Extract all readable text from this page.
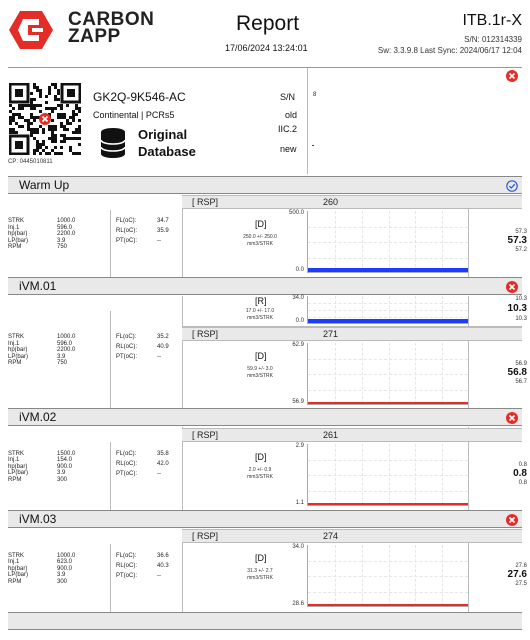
CARBON
ZAPP
Report
17/06/2024 13:24:01
ITB.1r-X
S/N: 012314339
Sw: 3.3.9.8 Last Sync: 2024/06/17 12:04
CP: 0445010811
GK2Q-9K546-AC
Continental | PCRs5
Original
Database
S/N
old
IIC.2
new
8
Warm Up
STRK	1000.0
Inj.1	596.0
hp(bar)	2200.0
LP(bar)	3.9
RPM	750
FL(oC):	34.7
RL(oC):	35.9
PT(oC):	--
[ RSP]	260
[D]
250.0 +/- 250.0
mm3/STRK
500.0
0.0
57.3
57.3
57.2
iVM.01
STRK	1000.0
Inj.1	596.0
hp(bar)	2200.0
LP(bar)	3.9
RPM	750
FL(oC):	35.2
RL(oC):	40.9
PT(oC):	--
[R]
17.0 +/- 17.0
mm3/STRK
34.0
0.0
10.3
10.3
10.3
[ RSP]	271
[D]
59.9 +/- 3.0
mm3/STRK
62.9
56.9
56.9
56.8
56.7
iVM.02
STRK	1500.0
Inj.1	154.0
hp(bar)	900.0
LP(bar)	3.9
RPM	300
FL(oC):	35.8
RL(oC):	42.0
PT(oC):	--
[ RSP]	261
[D]
2.0 +/- 0.9
mm3/STRK
2.9
1.1
0.8
0.8
0.8
iVM.03
STRK	1000.0
Inj.1	623.0
hp(bar)	900.0
LP(bar)	3.9
RPM	300
FL(oC):	36.6
RL(oC):	40.3
PT(oC):	--
[ RSP]	274
[D]
31.3 +/- 2.7
mm3/STRK
34.0
28.6
27.6
27.6
27.5
